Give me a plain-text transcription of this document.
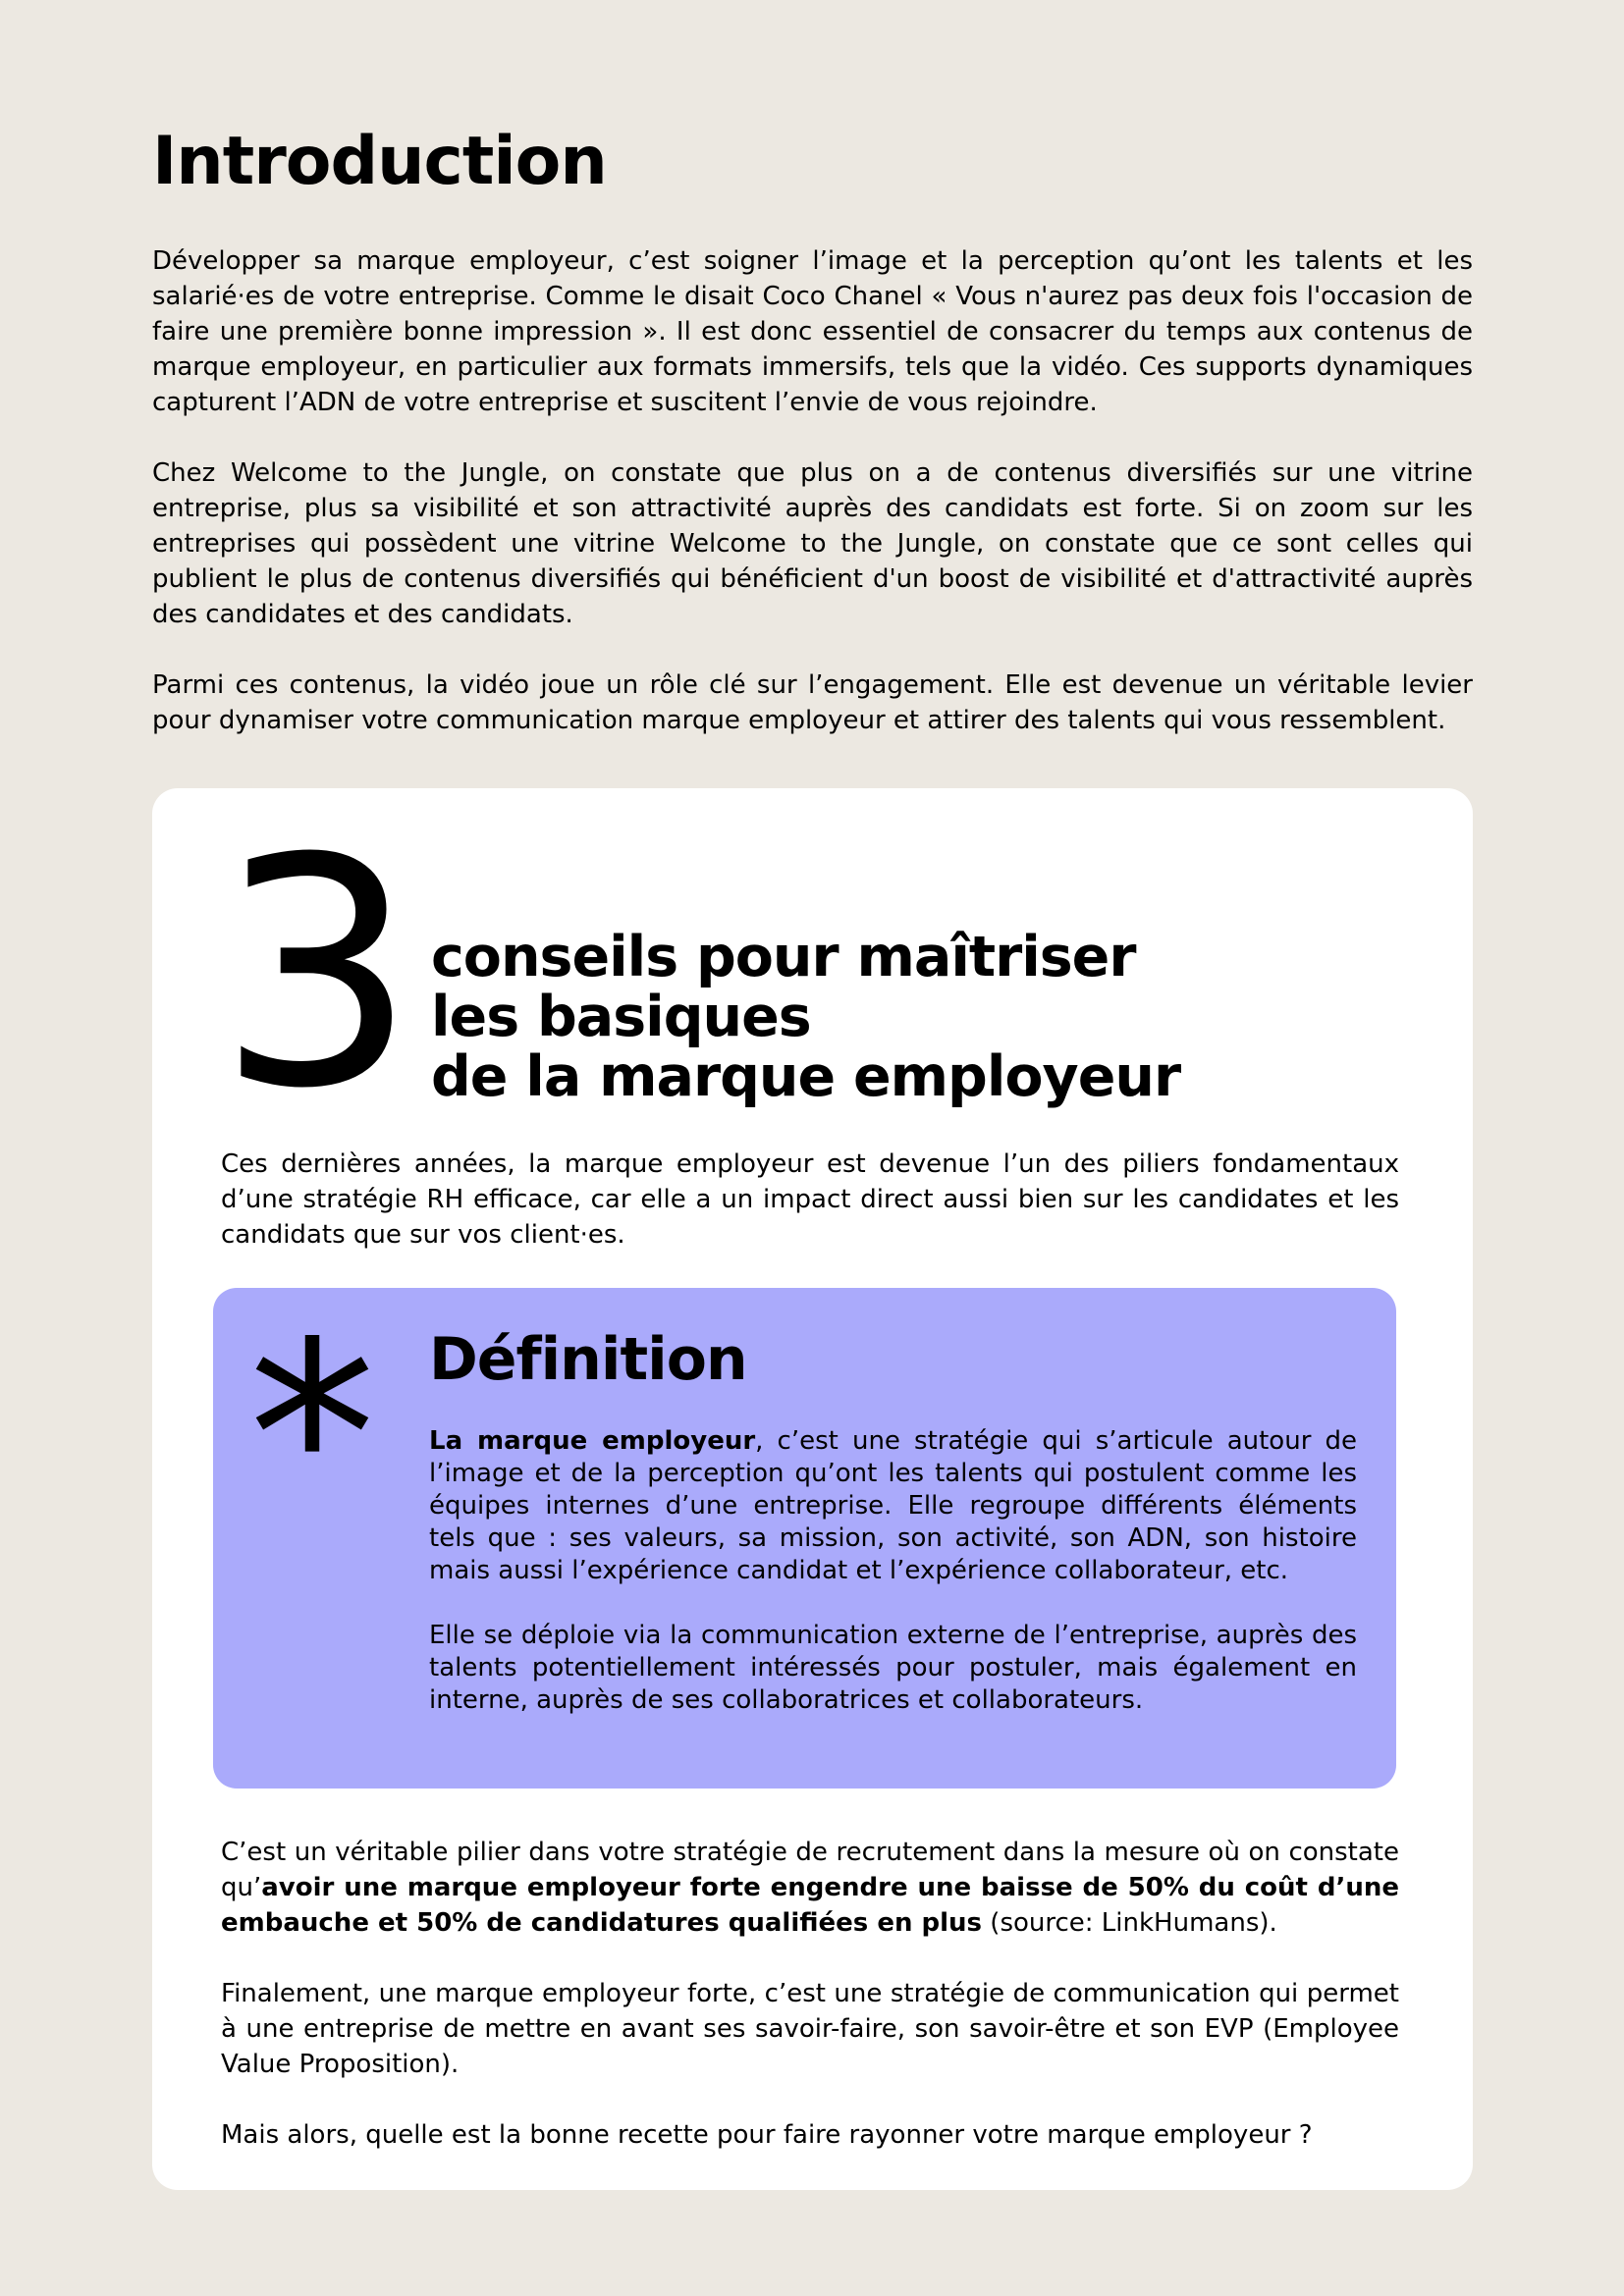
Introduction

Développer sa marque employeur, c’est soigner l’image et la perception qu’ont les talents et les salarié·es de votre entreprise. Comme le disait Coco Chanel « Vous n'aurez pas deux fois l'occasion de faire une première bonne impression ». Il est donc essentiel de consacrer du temps aux contenus de marque employeur, en particulier aux formats immersifs, tels que la vidéo. Ces supports dynamiques capturent l’ADN de votre entreprise et suscitent l’envie de vous rejoindre.

Chez Welcome to the Jungle, on constate que plus on a de contenus diversifiés sur une vitrine entreprise, plus sa visibilité et son attractivité auprès des candidats est forte. Si on zoom sur les entreprises qui possèdent une vitrine Welcome to the Jungle, on constate que ce sont celles qui publient le plus de contenus diversifiés qui bénéficient d'un boost de visibilité et d'attractivité auprès des candidates et des candidats.

Parmi ces contenus, la vidéo joue un rôle clé sur l’engagement. Elle est devenue un véritable levier pour dynamiser votre communication marque employeur et attirer des talents qui vous ressemblent.

3 conseils pour maîtriser
les basiques
de la marque employeur

Ces dernières années, la marque employeur est devenue l’un des piliers fondamentaux d’une stratégie RH efficace, car elle a un impact direct aussi bien sur les candidates et les candidats que sur vos client·es.

* Définition

La marque employeur, c’est une stratégie qui s’articule autour de l’image et de la perception qu’ont les talents qui postulent comme les équipes internes d’une entreprise. Elle regroupe différents éléments tels que : ses valeurs, sa mission, son activité, son ADN, son histoire mais aussi l’expérience candidat et l’expérience collaborateur, etc.

Elle se déploie via la communication externe de l’entreprise, auprès des talents potentiellement intéressés pour postuler, mais également en interne, auprès de ses collaboratrices et collaborateurs.

C’est un véritable pilier dans votre stratégie de recrutement dans la mesure où on constate qu’avoir une marque employeur forte engendre une baisse de 50% du coût d’une embauche et 50% de candidatures qualifiées en plus (source: LinkHumans).

Finalement, une marque employeur forte, c’est une stratégie de communication qui permet à une entreprise de mettre en avant ses savoir-faire, son savoir-être et son EVP (Employee Value Proposition).

Mais alors, quelle est la bonne recette pour faire rayonner votre marque employeur ?
